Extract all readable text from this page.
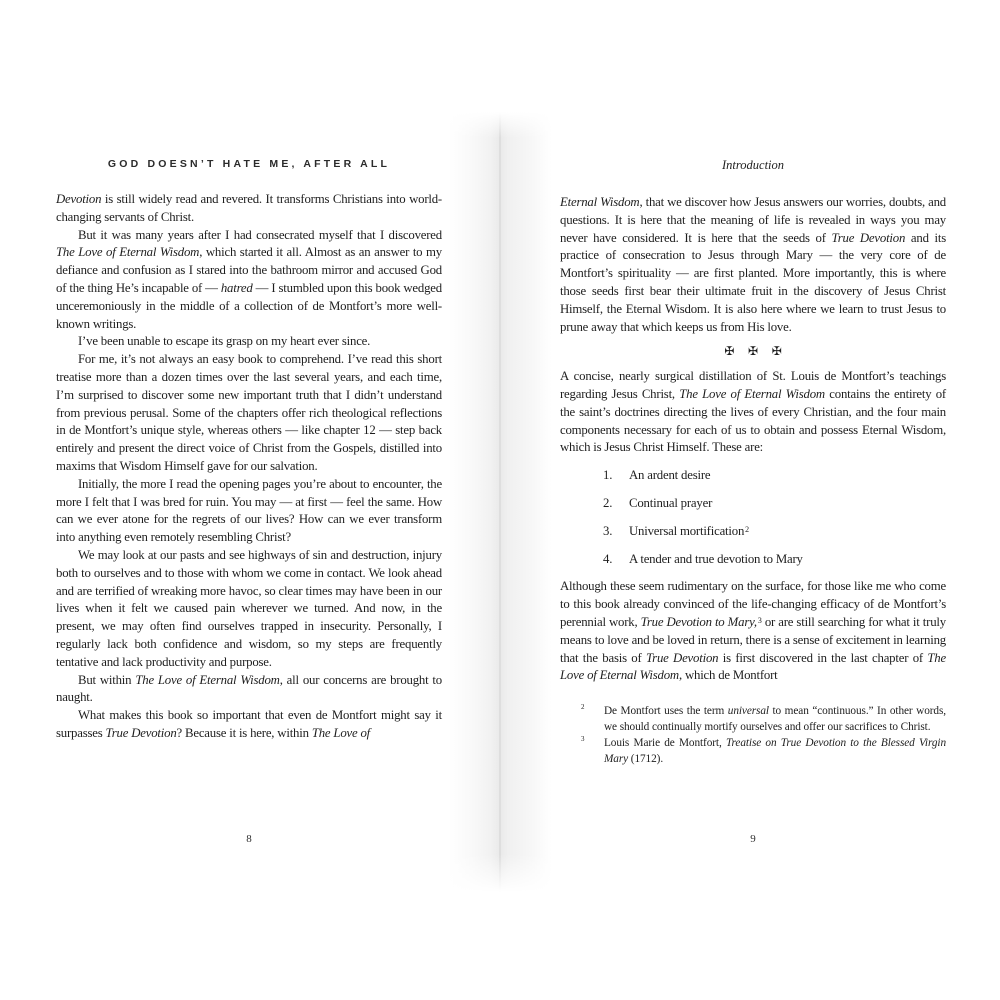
GOD DOESN’T HATE ME, AFTER ALL

Devotion is still widely read and revered. It transforms Christians into world-changing servants of Christ.

But it was many years after I had consecrated myself that I discovered The Love of Eternal Wisdom, which started it all. Almost as an answer to my defiance and confusion as I stared into the bathroom mirror and accused God of the thing He’s incapable of — hatred — I stumbled upon this book wedged unceremoniously in the middle of a collection of de Montfort’s more well-known writings.

I’ve been unable to escape its grasp on my heart ever since.

For me, it’s not always an easy book to comprehend. I’ve read this short treatise more than a dozen times over the last several years, and each time, I’m surprised to discover some new important truth that I didn’t understand from previous perusal. Some of the chapters offer rich theological reflections in de Montfort’s unique style, whereas others — like chapter 12 — step back entirely and present the direct voice of Christ from the Gospels, distilled into maxims that Wisdom Himself gave for our salvation.

Initially, the more I read the opening pages you’re about to encounter, the more I felt that I was bred for ruin. You may — at first — feel the same. How can we ever atone for the regrets of our lives? How can we ever transform into anything even remotely resembling Christ?

We may look at our pasts and see highways of sin and destruction, injury both to ourselves and to those with whom we come in contact. We look ahead and are terrified of wreaking more havoc, so clear times may have been in our lives when it felt we caused pain wherever we turned. And now, in the present, we may often find ourselves trapped in insecurity. Personally, I regularly lack both confidence and wisdom, so my steps are frequently tentative and lack productivity and purpose.

But within The Love of Eternal Wisdom, all our concerns are brought to naught.

What makes this book so important that even de Montfort might say it surpasses True Devotion? Because it is here, within The Love of

Introduction

Eternal Wisdom, that we discover how Jesus answers our worries, doubts, and questions. It is here that the meaning of life is revealed in ways you may never have considered. It is here that the seeds of True Devotion and its practice of consecration to Jesus through Mary — the very core of de Montfort’s spirituality — are first planted. More importantly, this is where those seeds first bear their ultimate fruit in the discovery of Jesus Christ Himself, the Eternal Wisdom. It is also here where we learn to trust Jesus to prune away that which keeps us from His love.

✠ ✠ ✠

A concise, nearly surgical distillation of St. Louis de Montfort’s teachings regarding Jesus Christ, The Love of Eternal Wisdom contains the entirety of the saint’s doctrines directing the lives of every Christian, and the four main components necessary for each of us to obtain and possess Eternal Wisdom, which is Jesus Christ Himself. These are:

1. An ardent desire
2. Continual prayer
3. Universal mortification$^2$
4. A tender and true devotion to Mary

Although these seem rudimentary on the surface, for those like me who come to this book already convinced of the life-changing efficacy of de Montfort’s perennial work, True Devotion to Mary,$^3$ or are still searching for what it truly means to love and be loved in return, there is a sense of excitement in learning that the basis of True Devotion is first discovered in the last chapter of The Love of Eternal Wisdom, which de Montfort

2 De Montfort uses the term universal to mean “continuous.” In other words, we should continually mortify ourselves and offer our sacrifices to Christ.
3 Louis Marie de Montfort, Treatise on True Devotion to the Blessed Virgin Mary (1712).
8	9
